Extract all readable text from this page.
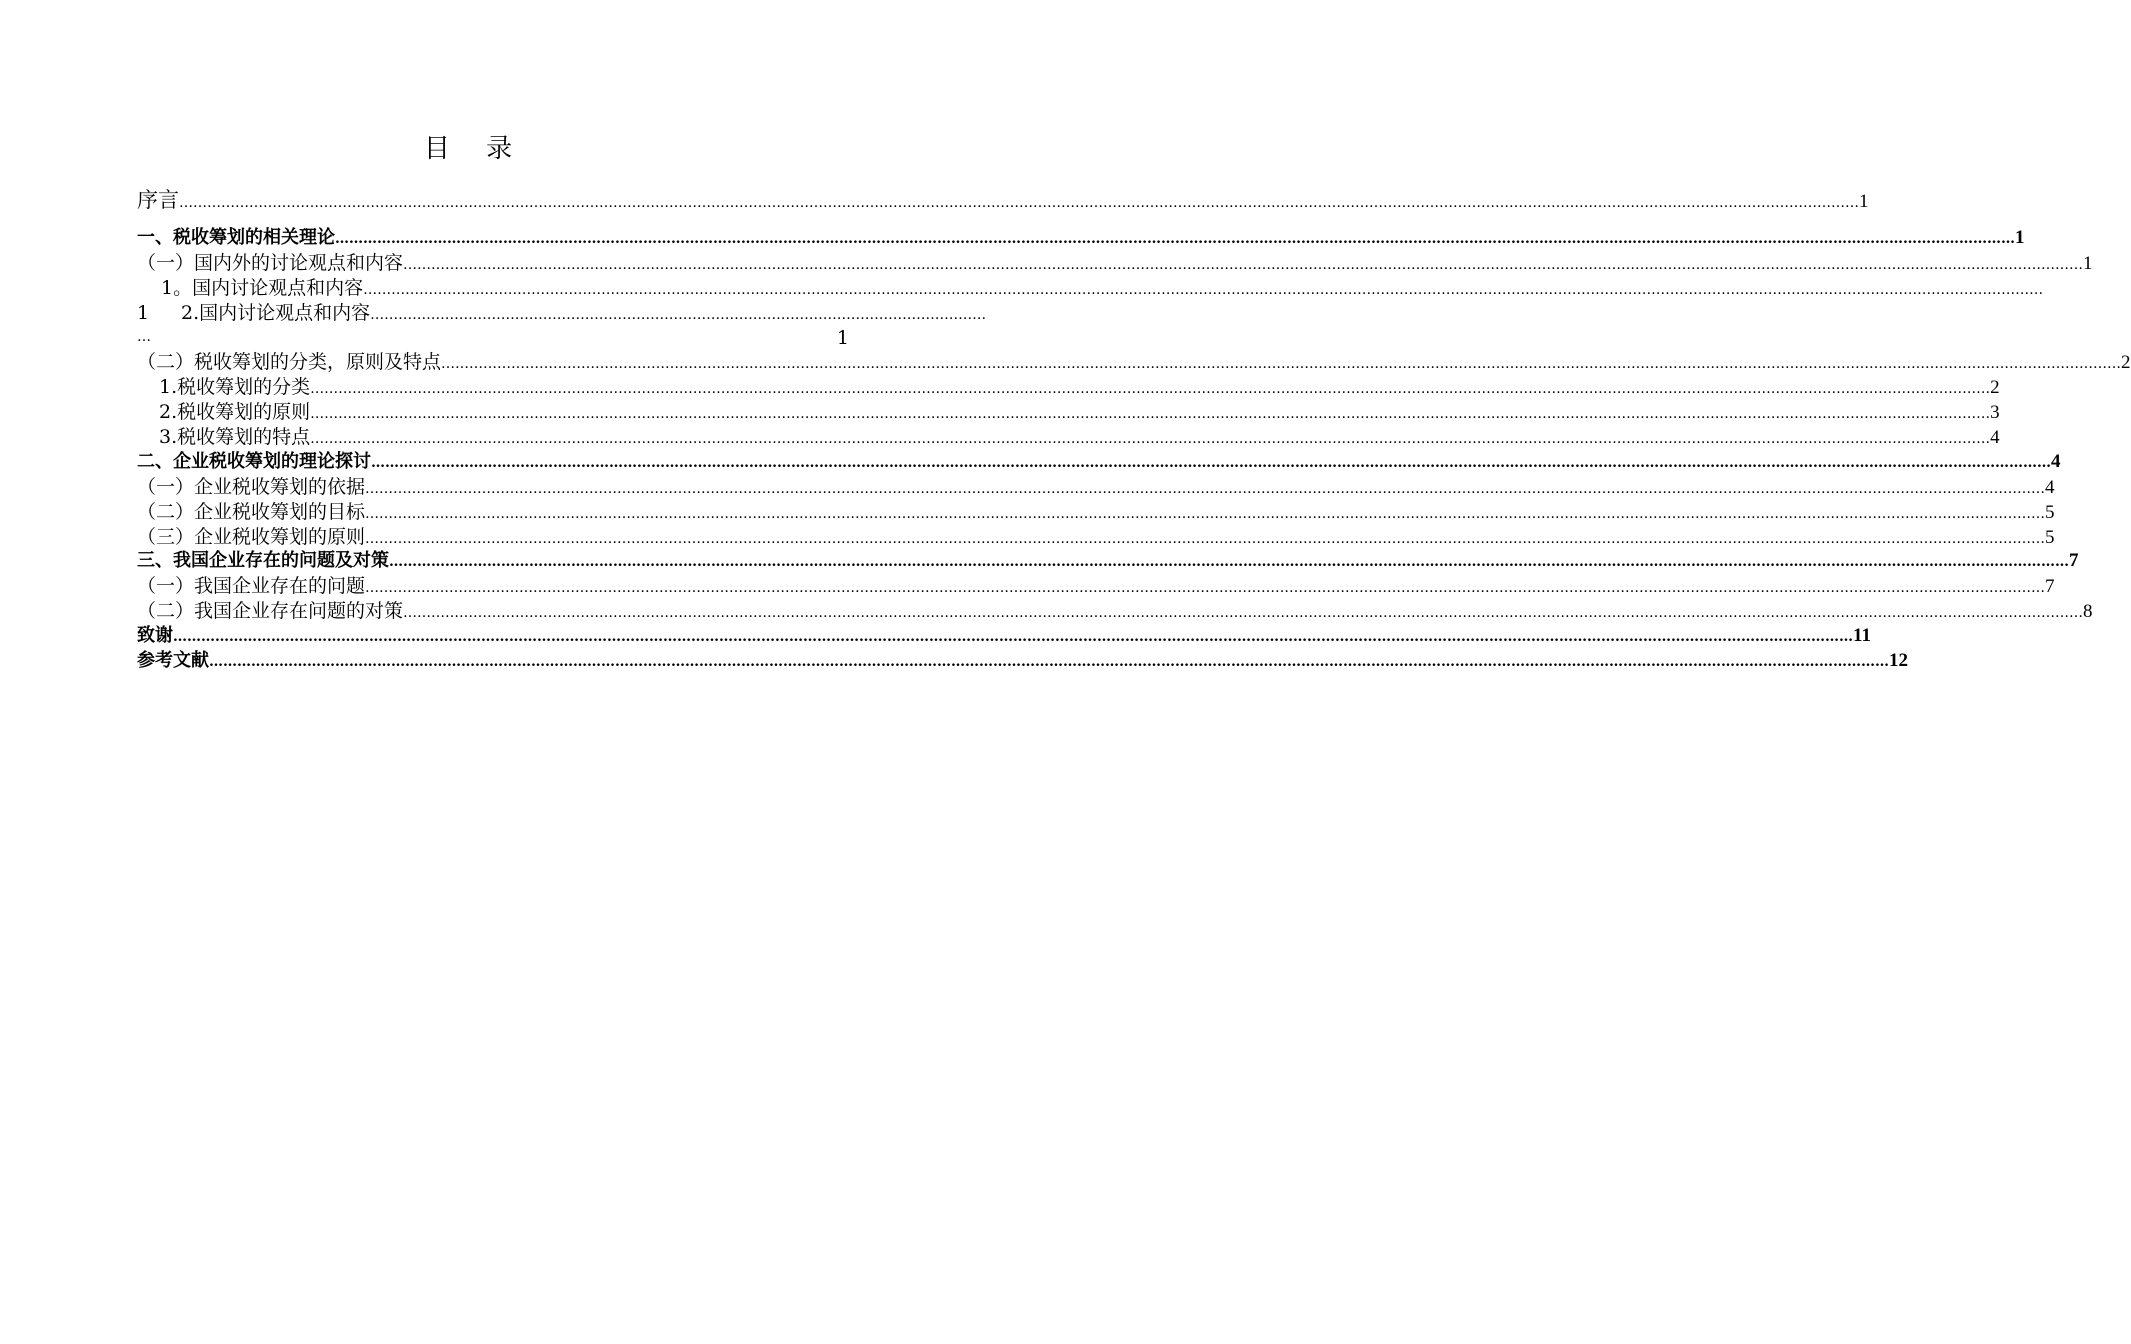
目 录
1 2.国内讨论观点和内容 ……………………………………………………………………………………………………………………
…	1
序言 ……………………………………………………………………………………………………………………………………………………………………………………………………………………………………………………………………………………………………………………………… 1
一、税收筹划的相关理论 ……………………………………………………………………………………………………………………………………………………………………………………………………………………………………………………………………………………………………………………………… 1
（一）国内外的讨论观点和内容 ……………………………………………………………………………………………………………………………………………………………………………………………………………………………………………………………………………………………………………………………… 1
1。国内讨论观点和内容 ………………………………………………………………………………………………………………………………………………………………………………………………………………………………………………………………………………………………………………………………
（二）税收筹划的分类，原则及特点 ……………………………………………………………………………………………………………………………………………………………………………………………………………………………………………………………………………………………………………………………… 2
1.税收筹划的分类 ……………………………………………………………………………………………………………………………………………………………………………………………………………………………………………………………………………………………………………………………… 2
2.税收筹划的原则 ……………………………………………………………………………………………………………………………………………………………………………………………………………………………………………………………………………………………………………………………… 3
3.税收筹划的特点 ……………………………………………………………………………………………………………………………………………………………………………………………………………………………………………………………………………………………………………………………… 4
二、企业税收筹划的理论探讨 ……………………………………………………………………………………………………………………………………………………………………………………………………………………………………………………………………………………………………………………………… 4
（一）企业税收筹划的依据 ……………………………………………………………………………………………………………………………………………………………………………………………………………………………………………………………………………………………………………………………… 4
（二）企业税收筹划的目标 ……………………………………………………………………………………………………………………………………………………………………………………………………………………………………………………………………………………………………………………………… 5
（三）企业税收筹划的原则 ……………………………………………………………………………………………………………………………………………………………………………………………………………………………………………………………………………………………………………………………… 5
三、我国企业存在的问题及对策 ……………………………………………………………………………………………………………………………………………………………………………………………………………………………………………………………………………………………………………………………… 7
（一）我国企业存在的问题 ……………………………………………………………………………………………………………………………………………………………………………………………………………………………………………………………………………………………………………………………… 7
（二）我国企业存在问题的对策 ……………………………………………………………………………………………………………………………………………………………………………………………………………………………………………………………………………………………………………………………… 8
致谢 ……………………………………………………………………………………………………………………………………………………………………………………………………………………………………………………………………………………………………………………………… 11
参考文献 ……………………………………………………………………………………………………………………………………………………………………………………………………………………………………………………………………………………………………………………………… 12
